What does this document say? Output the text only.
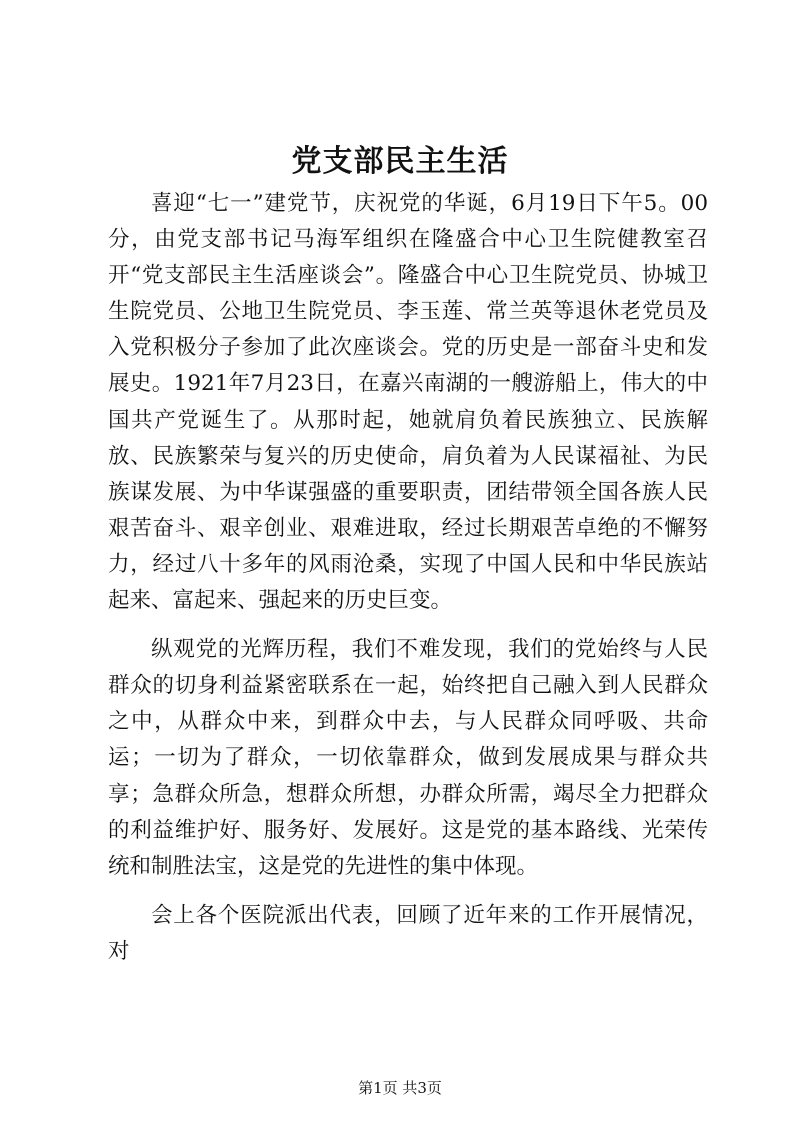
党支部民主生活

喜迎“七一”建党节，庆祝党的华诞，6月19日下午5。00分，由党支部书记马海军组织在隆盛合中心卫生院健教室召开“党支部民主生活座谈会”。隆盛合中心卫生院党员、协城卫生院党员、公地卫生院党员、李玉莲、常兰英等退休老党员及入党积极分子参加了此次座谈会。党的历史是一部奋斗史和发展史。1921年7月23日，在嘉兴南湖的一艘游船上，伟大的中国共产党诞生了。从那时起，她就肩负着民族独立、民族解放、民族繁荣与复兴的历史使命，肩负着为人民谋福祉、为民族谋发展、为中华谋强盛的重要职责，团结带领全国各族人民艰苦奋斗、艰辛创业、艰难进取，经过长期艰苦卓绝的不懈努力，经过八十多年的风雨沧桑，实现了中国人民和中华民族站起来、富起来、强起来的历史巨变。

纵观党的光辉历程，我们不难发现，我们的党始终与人民群众的切身利益紧密联系在一起，始终把自己融入到人民群众之中，从群众中来，到群众中去，与人民群众同呼吸、共命运；一切为了群众，一切依靠群众，做到发展成果与群众共享；急群众所急，想群众所想，办群众所需，竭尽全力把群众的利益维护好、服务好、发展好。这是党的基本路线、光荣传统和制胜法宝，这是党的先进性的集中体现。

会上各个医院派出代表，回顾了近年来的工作开展情况，对

第1页 共3页
